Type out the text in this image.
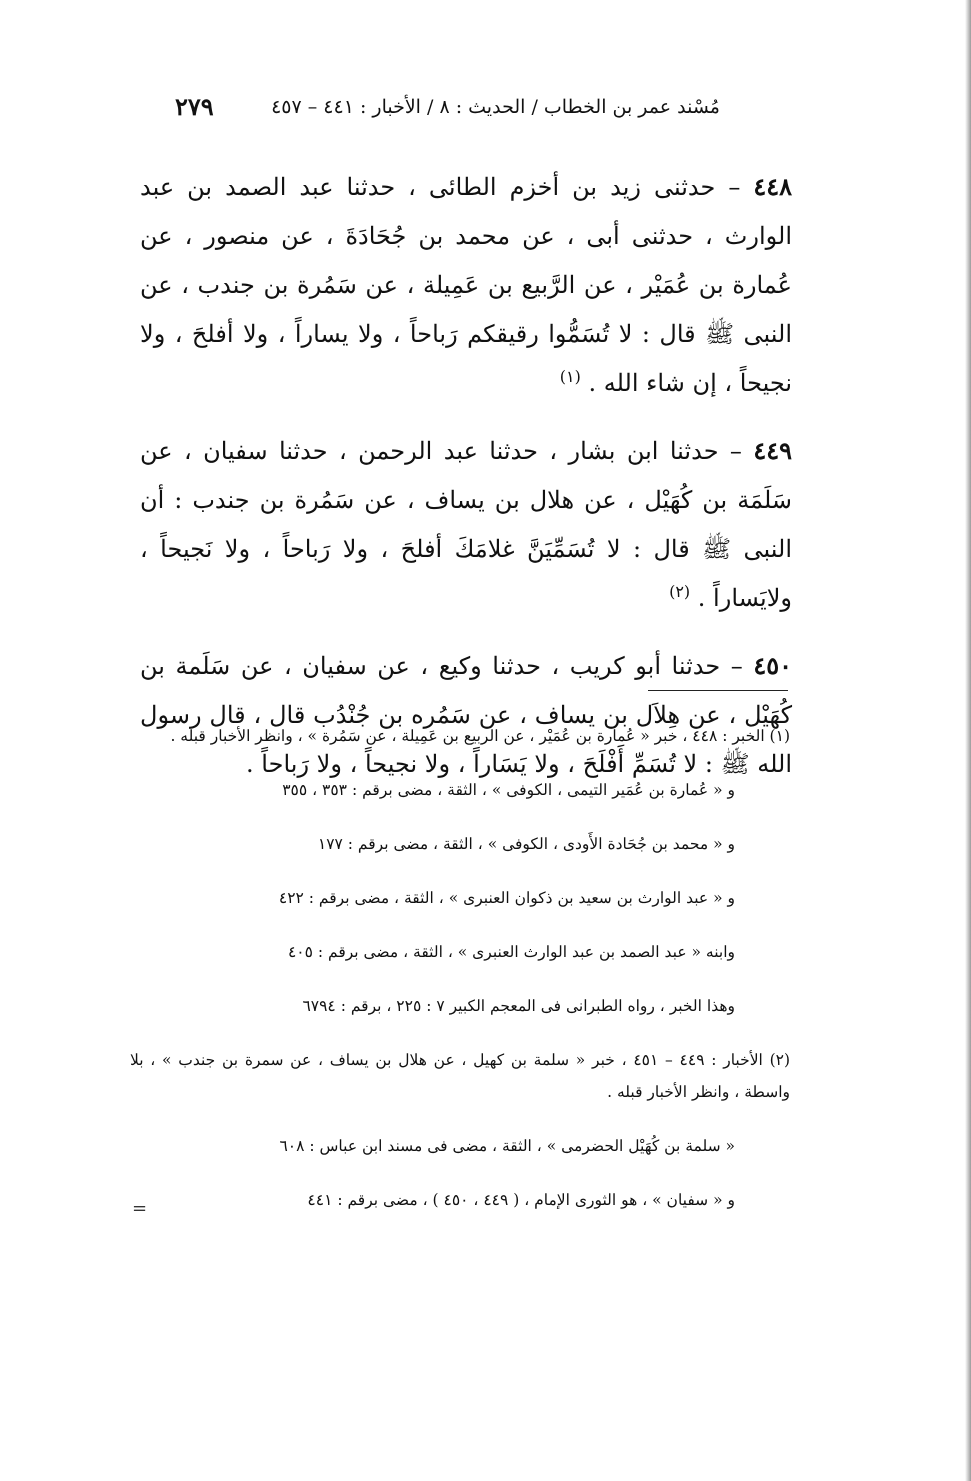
مُسْند عمر بن الخطاب / الحديث : ٨ / الأخبار : ٤٤١ – ٤٥٧
٢٧٩

٤٤٨ – حدثنى زيد بن أخزم الطائى ، حدثنا عبد الصمد بن عبد الوارث ، حدثنى أبى ، عن محمد بن جُحَادَةَ ، عن منصور ، عن عُمارة بن عُمَيْر ، عن الرَّبيع بن عَمِيلة ، عن سَمُرة بن جندب ، عن النبى ﷺ قال : لا تُسَمُّوا رقيقكم رَباحاً ، ولا يساراً ، ولا أفلحَ ، ولا نجيحاً ، إن شاء الله . $^{(١)}$

٤٤٩ – حدثنا ابن بشار ، حدثنا عبد الرحمن ، حدثنا سفيان ، عن سَلَمَة بن كُهَيْل ، عن هلال بن يساف ، عن سَمُرة بن جندب : أن النبى ﷺ قال : لا تُسَمِّيَنَّ غلامَكَ أفلحَ ، ولا رَباحاً ، ولا نَجيحاً ، ولايَساراً . $^{(٢)}$

٤٥٠ – حدثنا أبو كريب ، حدثنا وكيع ، عن سفيان ، عن سَلَمة بن كُهَيْل ، عن هِلاَل بن يساف ، عن سَمُره بن جُنْدُب قال ، قال رسول الله ﷺ : لا تُسَمِّ أَفْلَحَ ، ولا يَسَاراً ، ولا نجيحاً ، ولا رَباحاً .

(١) الخبر : ٤٤٨ ، خبر « عُمارة بن عُمَيْر ، عن الربيع بن عَمِيلة ، عن سَمُرة » ، وانظر الأخبار قبله .

و « عُمارة بن عُمَير التيمى ، الكوفى » ، الثقة ، مضى برقم : ٣٥٣ ، ٣٥٥

و « محمد بن جُحَادة الأَودى ، الكوفى » ، الثقة ، مضى برقم : ١٧٧

و « عبد الوارث بن سعيد بن ذكوان العنبرى » ، الثقة ، مضى برقم : ٤٢٢

وابنه « عبد الصمد بن عبد الوارث العنبرى » ، الثقة ، مضى برقم : ٤٠٥

وهذا الخبر ، رواه الطبرانى فى المعجم الكبير ٧ : ٢٢٥ ، برقم : ٦٧٩٤

(٢) الأخبار : ٤٤٩ – ٤٥١ ، خبر « سلمة بن كهيل ، عن هلال بن يساف ، عن سمرة بن جندب » ، بلا واسطة ، وانظر الأخبار قبله .

« سلمة بن كُهَيْل الحضرمى » ، الثقة ، مضى فى مسند ابن عباس : ٦٠٨

و « سفيان » ، هو الثورى الإمام ، ( ٤٤٩ ، ٤٥٠ ) ، مضى برقم : ٤٤١

=
